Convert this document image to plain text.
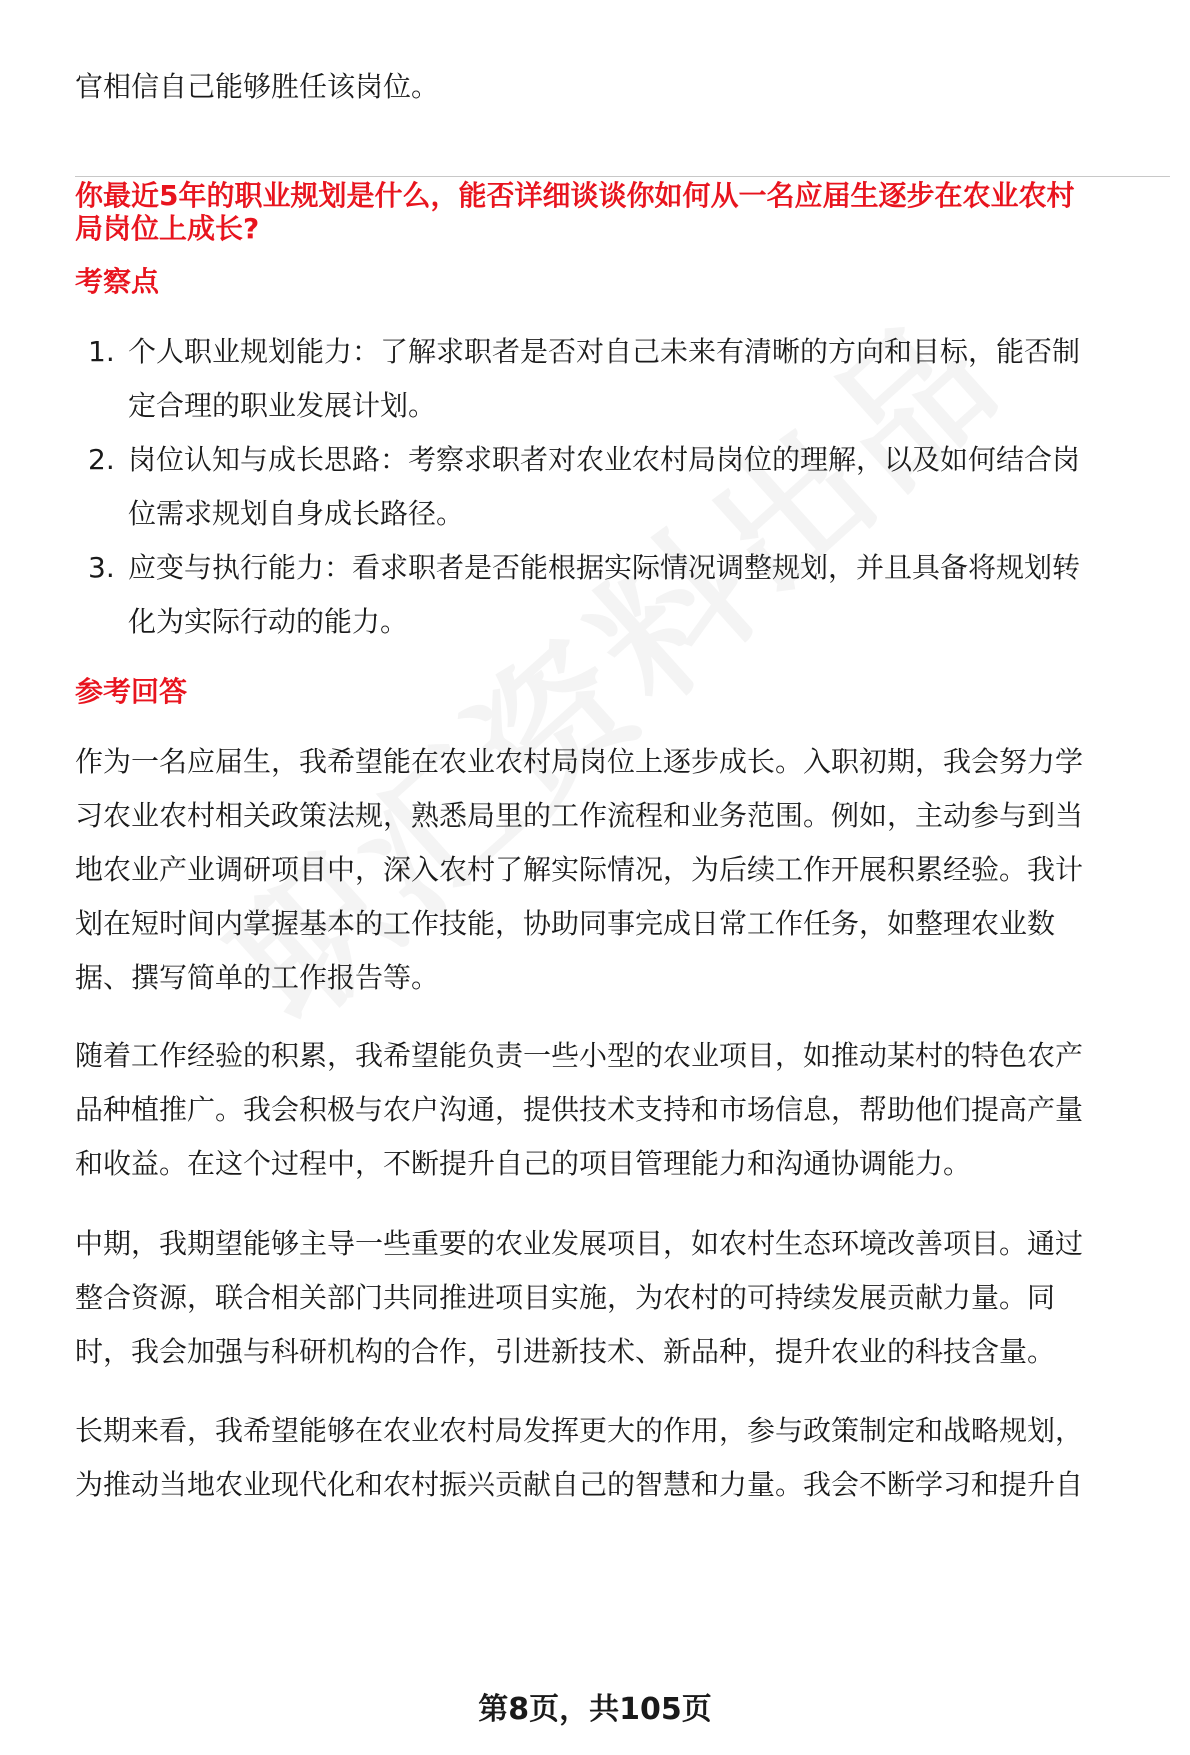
官相信自己能够胜任该岗位。
你最近5年的职业规划是什么，能否详细谈谈你如何从一名应届生逐步在农业农村
局岗位上成长?
考察点
1. 个人职业规划能力：了解求职者是否对自己未来有清晰的方向和目标，能否制
定合理的职业发展计划。
2. 岗位认知与成长思路：考察求职者对农业农村局岗位的理解，以及如何结合岗
位需求规划自身成长路径。
3. 应变与执行能力：看求职者是否能根据实际情况调整规划，并且具备将规划转
化为实际行动的能力。
参考回答
作为一名应届生，我希望能在农业农村局岗位上逐步成长。入职初期，我会努力学
习农业农村相关政策法规，熟悉局里的工作流程和业务范围。例如，主动参与到当
地农业产业调研项目中，深入农村了解实际情况，为后续工作开展积累经验。我计
划在短时间内掌握基本的工作技能，协助同事完成日常工作任务，如整理农业数
据、撰写简单的工作报告等。
随着工作经验的积累，我希望能负责一些小型的农业项目，如推动某村的特色农产
品种植推广。我会积极与农户沟通，提供技术支持和市场信息，帮助他们提高产量
和收益。在这个过程中，不断提升自己的项目管理能力和沟通协调能力。
中期，我期望能够主导一些重要的农业发展项目，如农村生态环境改善项目。通过
整合资源，联合相关部门共同推进项目实施，为农村的可持续发展贡献力量。同
时，我会加强与科研机构的合作，引进新技术、新品种，提升农业的科技含量。
长期来看，我希望能够在农业农村局发挥更大的作用，参与政策制定和战略规划，
为推动当地农业现代化和农村振兴贡献自己的智慧和力量。我会不断学习和提升自
第8页，共105页
